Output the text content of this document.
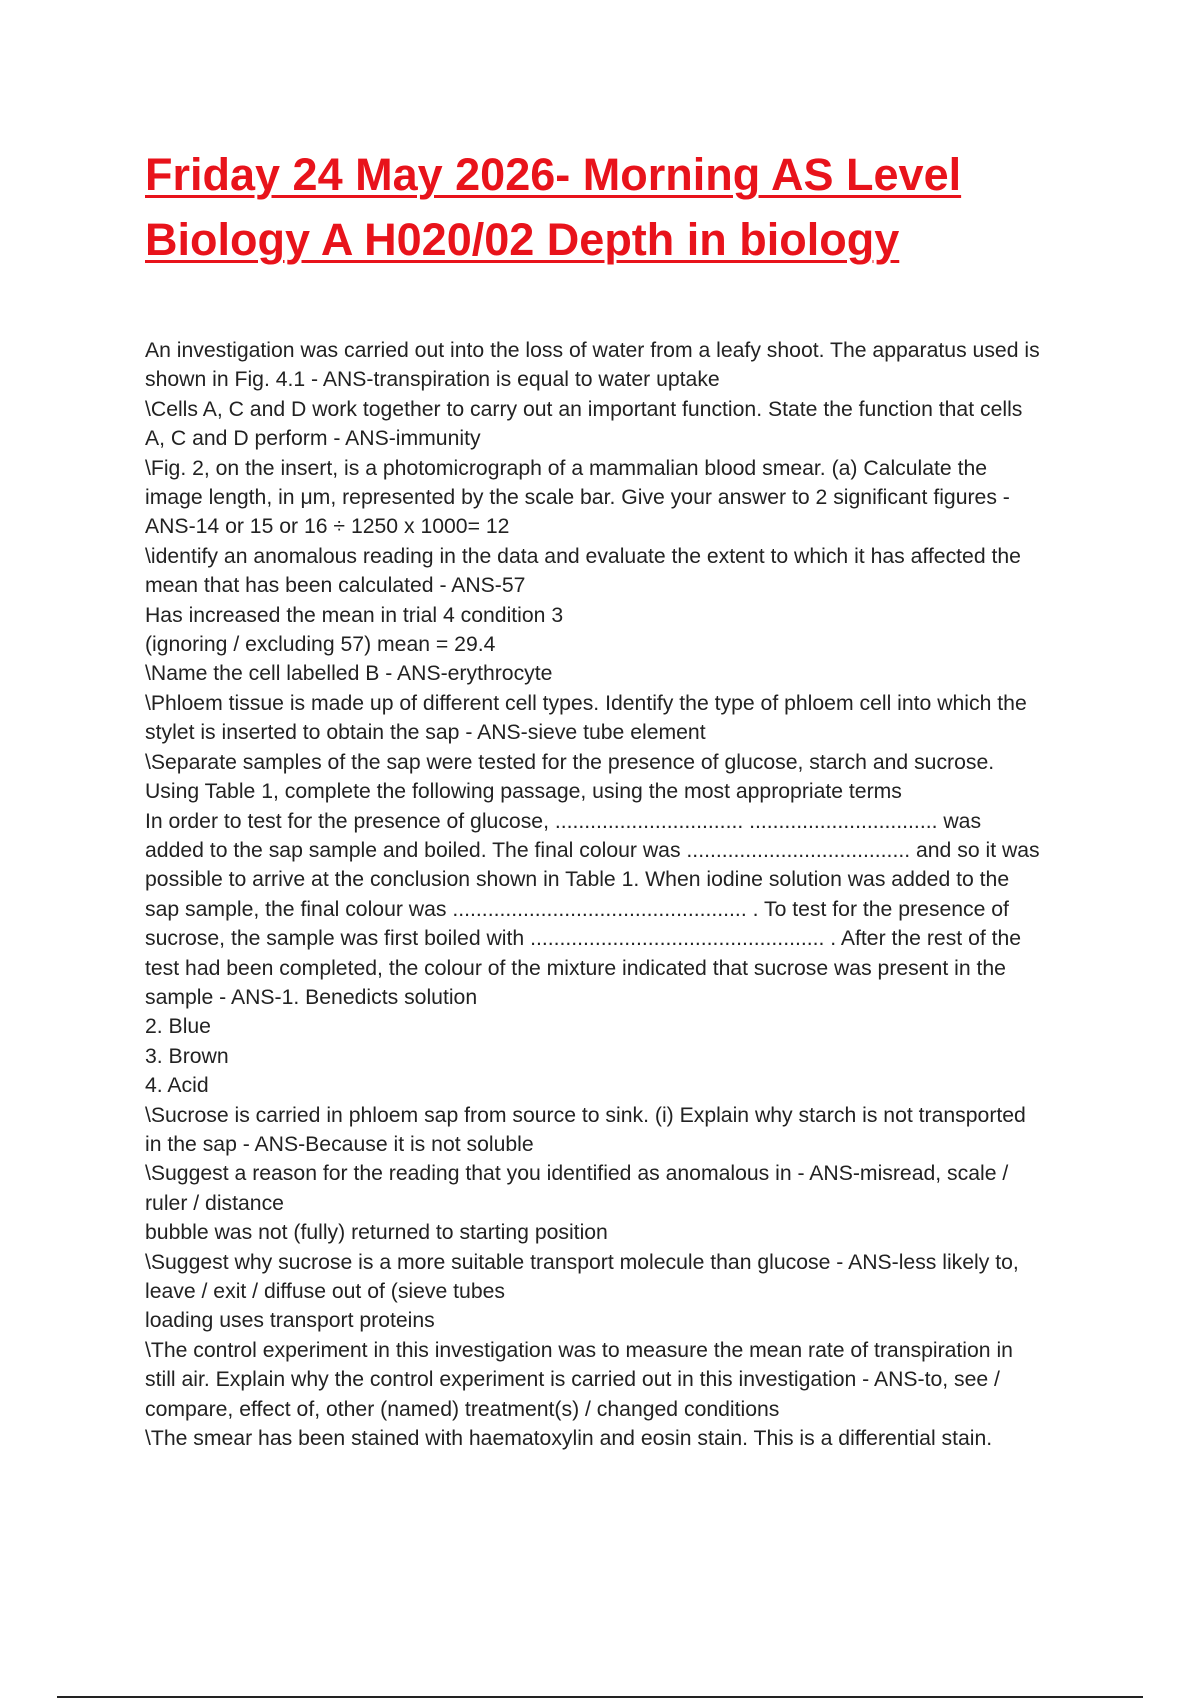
Friday 24 May 2026- Morning AS Level
Biology A H020/02 Depth in biology
An investigation was carried out into the loss of water from a leafy shoot. The apparatus used is
shown in Fig. 4.1 - ANS-transpiration is equal to water uptake
\Cells A, C and D work together to carry out an important function. State the function that cells
A, C and D perform - ANS-immunity
\Fig. 2, on the insert, is a photomicrograph of a mammalian blood smear. (a) Calculate the
image length, in μm, represented by the scale bar. Give your answer to 2 significant figures -
ANS-14 or 15 or 16 ÷ 1250 x 1000= 12
\identify an anomalous reading in the data and evaluate the extent to which it has affected the
mean that has been calculated - ANS-57
Has increased the mean in trial 4 condition 3
(ignoring / excluding 57) mean = 29.4
\Name the cell labelled B - ANS-erythrocyte
\Phloem tissue is made up of different cell types. Identify the type of phloem cell into which the
stylet is inserted to obtain the sap - ANS-sieve tube element
\Separate samples of the sap were tested for the presence of glucose, starch and sucrose.
Using Table 1, complete the following passage, using the most appropriate terms
In order to test for the presence of glucose, ................................ ................................ was
added to the sap sample and boiled. The final colour was ...................................... and so it was
possible to arrive at the conclusion shown in Table 1. When iodine solution was added to the
sap sample, the final colour was .................................................. . To test for the presence of
sucrose, the sample was first boiled with .................................................. . After the rest of the
test had been completed, the colour of the mixture indicated that sucrose was present in the
sample - ANS-1. Benedicts solution
2. Blue
3. Brown
4. Acid
\Sucrose is carried in phloem sap from source to sink. (i) Explain why starch is not transported
in the sap - ANS-Because it is not soluble
\Suggest a reason for the reading that you identified as anomalous in - ANS-misread, scale /
ruler / distance
bubble was not (fully) returned to starting position
\Suggest why sucrose is a more suitable transport molecule than glucose - ANS-less likely to,
leave / exit / diffuse out of (sieve tubes
loading uses transport proteins
\The control experiment in this investigation was to measure the mean rate of transpiration in
still air. Explain why the control experiment is carried out in this investigation - ANS-to, see /
compare, effect of, other (named) treatment(s) / changed conditions
\The smear has been stained with haematoxylin and eosin stain. This is a differential stain.
